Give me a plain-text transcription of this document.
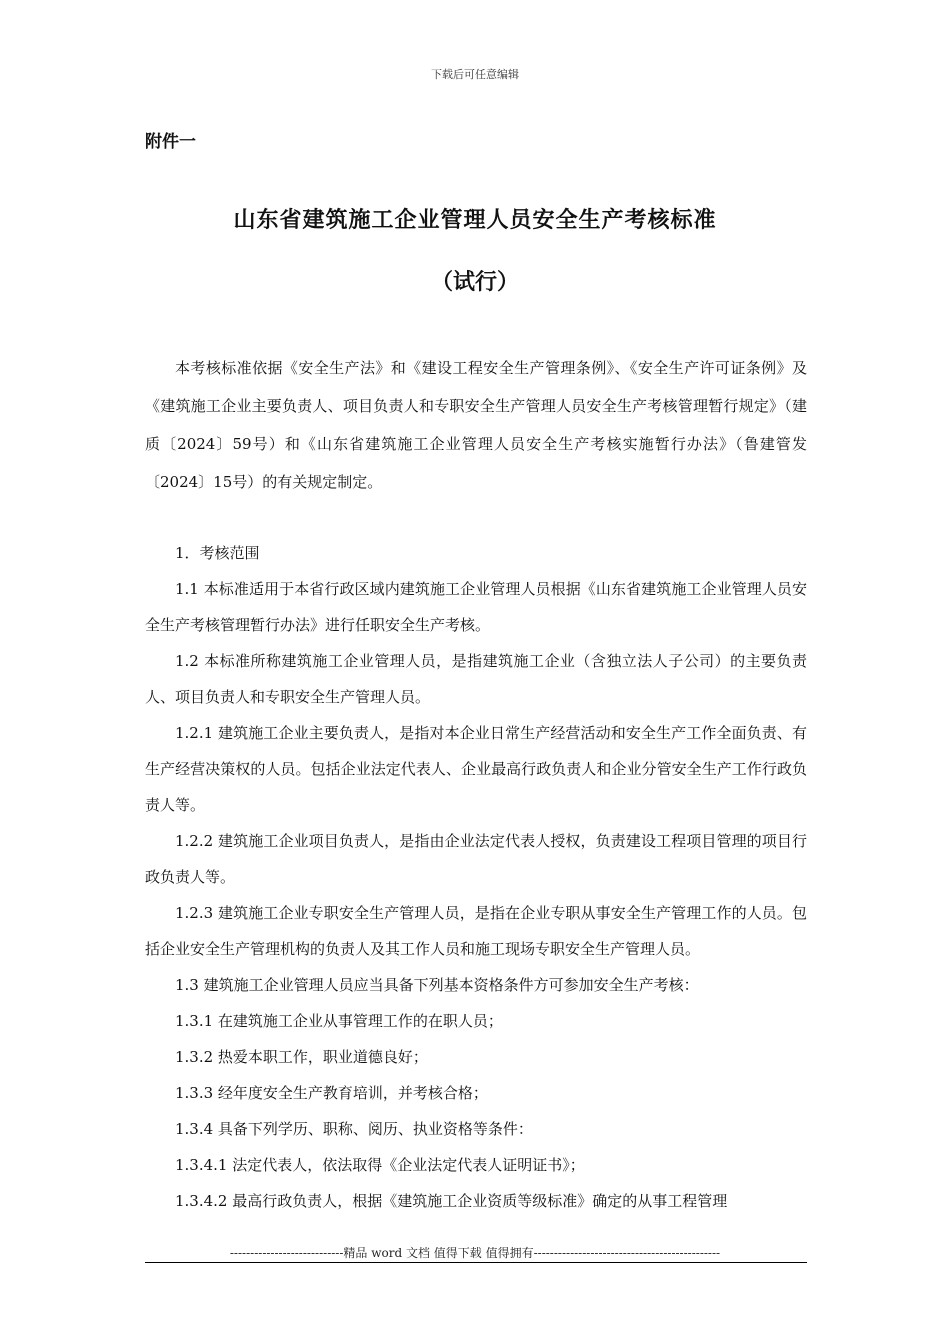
下载后可任意编辑
附件一
山东省建筑施工企业管理人员安全生产考核标准
（试行）

本考核标准依据《安全生产法》和《建设工程安全生产管理条例》、《安全生产许可证条例》及《建筑施工企业主要负责人、项目负责人和专职安全生产管理人员安全生产考核管理暂行规定》（建质〔2024〕59号）和《山东省建筑施工企业管理人员安全生产考核实施暂行办法》（鲁建管发〔2024〕15号）的有关规定制定。

1．考核范围

1.1 本标准适用于本省行政区域内建筑施工企业管理人员根据《山东省建筑施工企业管理人员安全生产考核管理暂行办法》进行任职安全生产考核。

1.2 本标准所称建筑施工企业管理人员，是指建筑施工企业（含独立法人子公司）的主要负责人、项目负责人和专职安全生产管理人员。

1.2.1 建筑施工企业主要负责人，是指对本企业日常生产经营活动和安全生产工作全面负责、有生产经营决策权的人员。包括企业法定代表人、企业最高行政负责人和企业分管安全生产工作行政负责人等。

1.2.2 建筑施工企业项目负责人，是指由企业法定代表人授权，负责建设工程项目管理的项目行政负责人等。

1.2.3 建筑施工企业专职安全生产管理人员，是指在企业专职从事安全生产管理工作的人员。包括企业安全生产管理机构的负责人及其工作人员和施工现场专职安全生产管理人员。

1.3 建筑施工企业管理人员应当具备下列基本资格条件方可参加安全生产考核：

1.3.1 在建筑施工企业从事管理工作的在职人员；

1.3.2 热爱本职工作，职业道德良好；

1.3.3 经年度安全生产教育培训，并考核合格；

1.3.4 具备下列学历、职称、阅历、执业资格等条件：

1.3.4.1 法定代表人，依法取得《企业法定代表人证明证书》；

1.3.4.2 最高行政负责人，根据《建筑施工企业资质等级标准》确定的从事工程管理

----------------------------精品 word 文档 值得下载 值得拥有----------------------------------------------
